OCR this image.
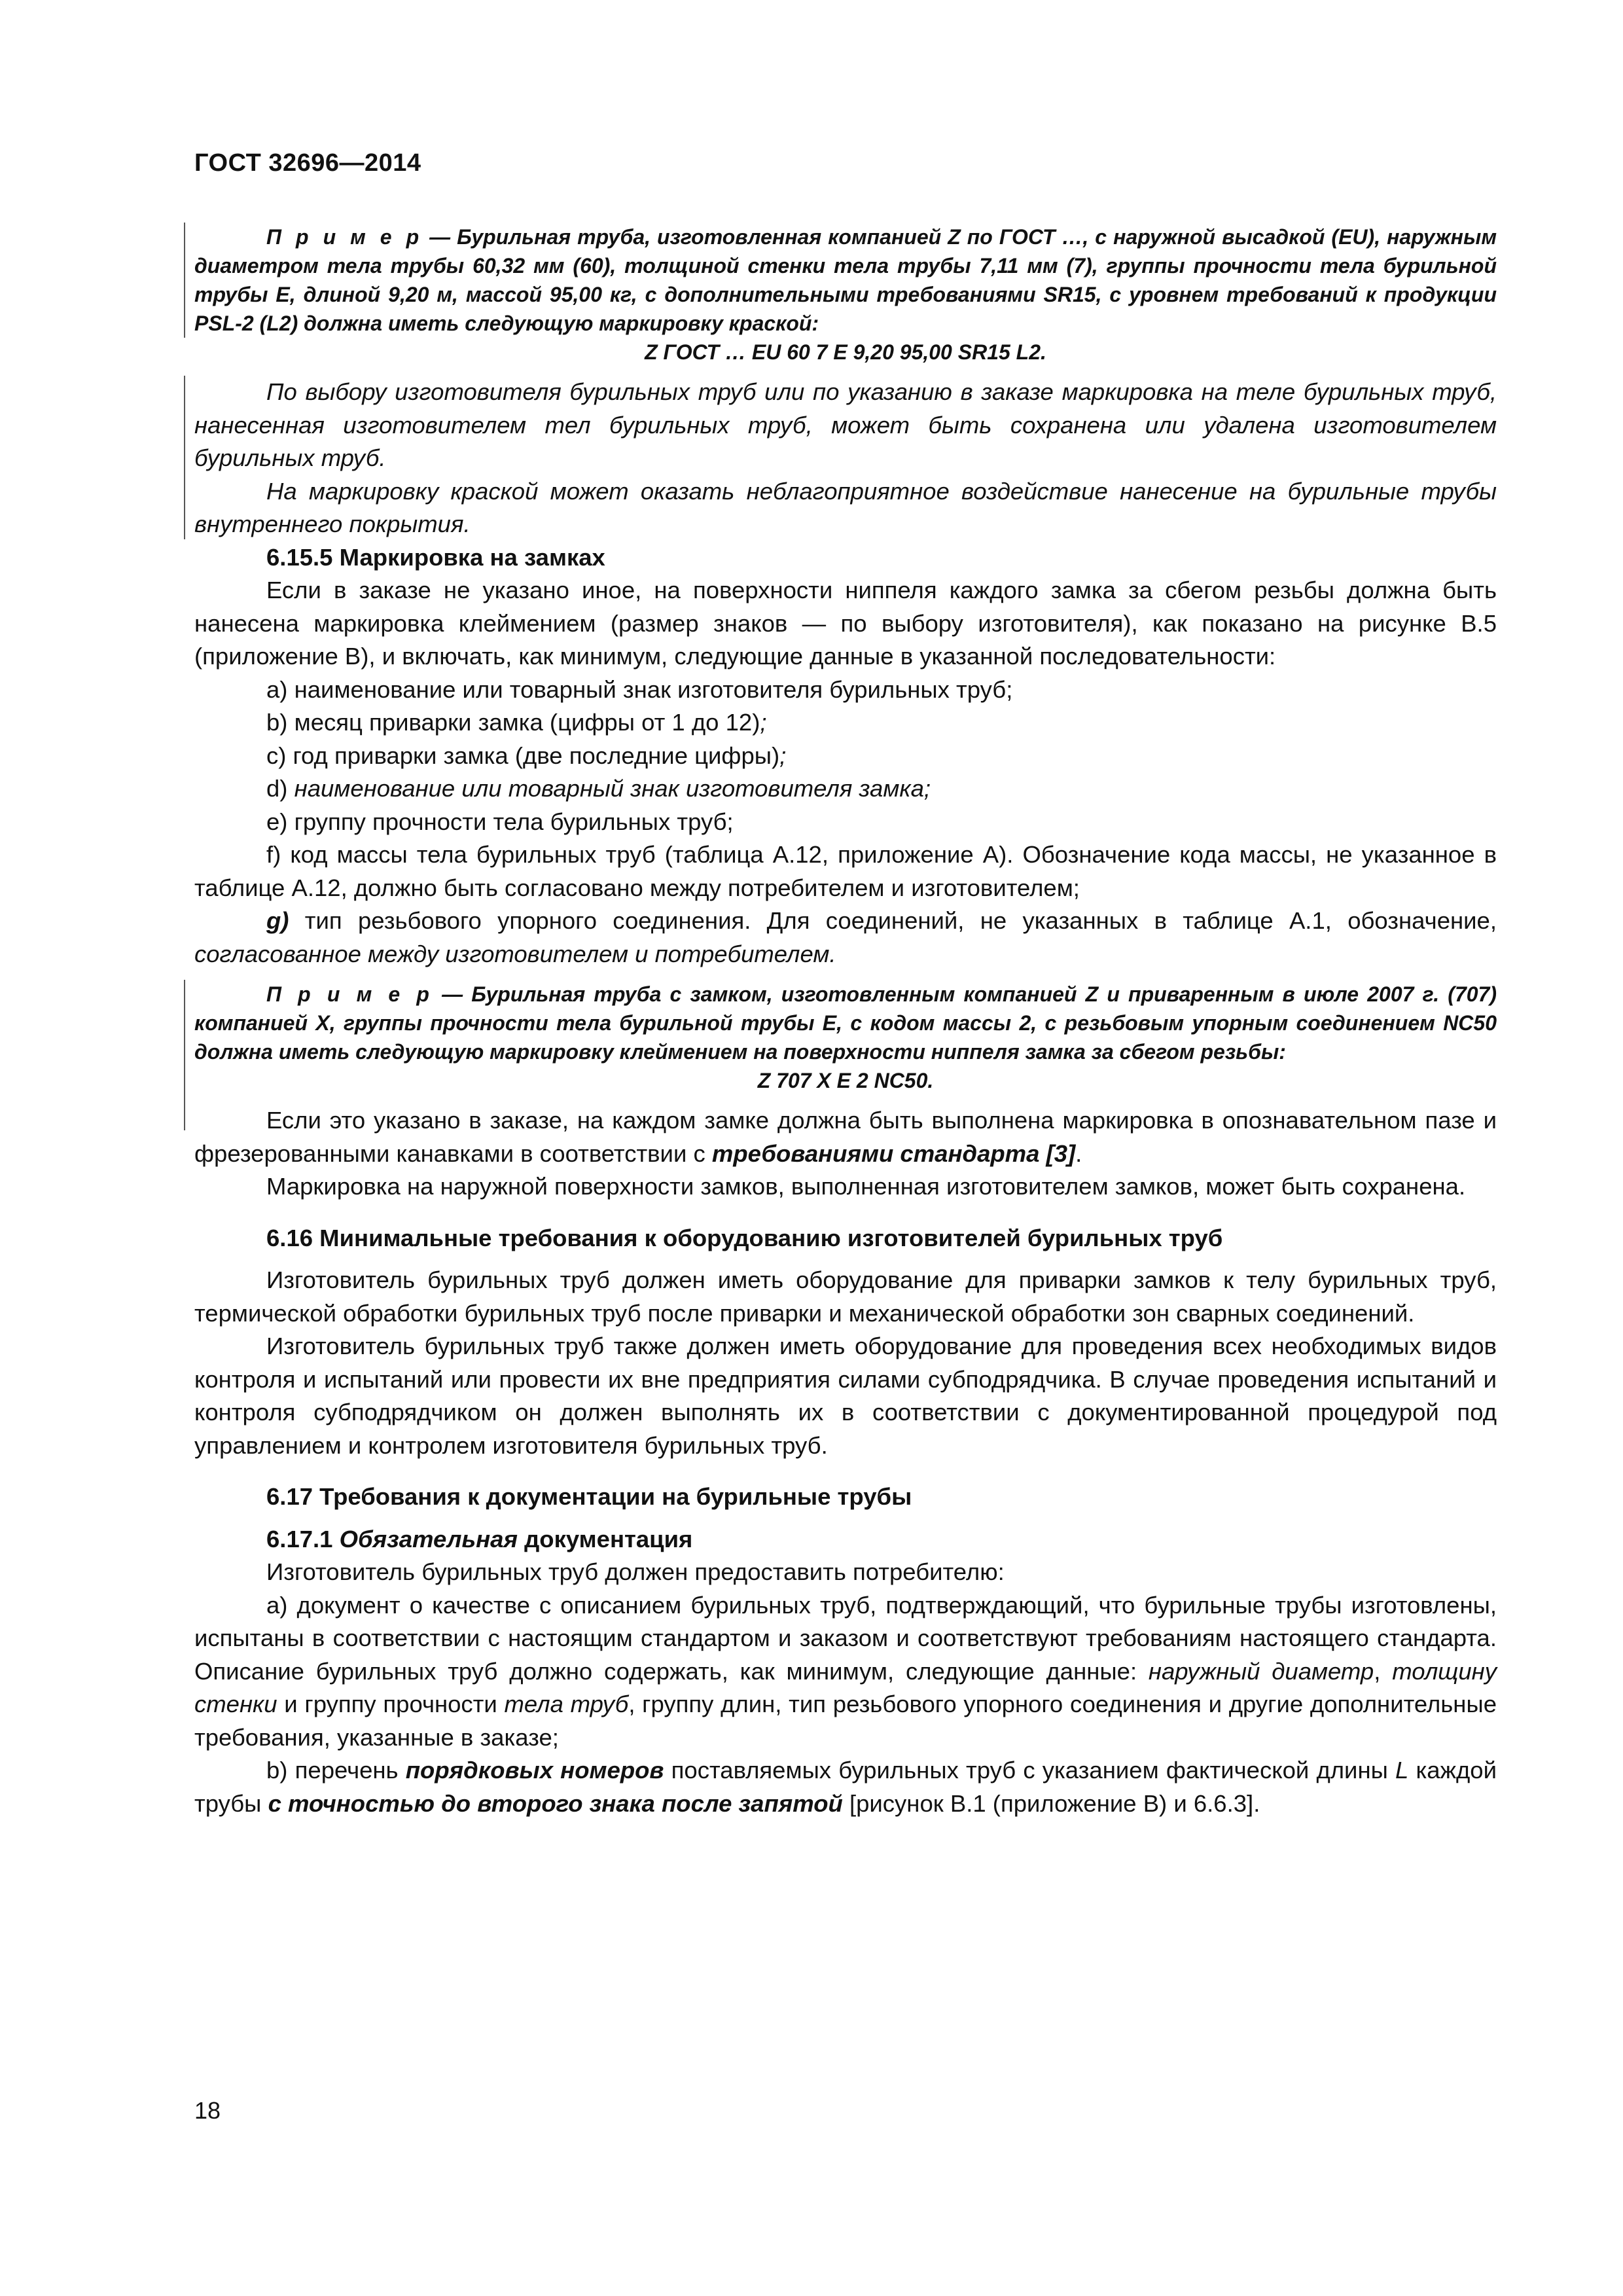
ГОСТ 32696—2014

П р и м е р — Бурильная труба, изготовленная компанией Z по ГОСТ …, с наружной высадкой (EU), наружным диаметром тела трубы 60,32 мм (60), толщиной стенки тела трубы 7,11 мм (7), группы прочности тела бурильной трубы E, длиной 9,20 м, массой 95,00 кг, с дополнительными требованиями SR15, с уровнем требований к продукции PSL-2 (L2) должна иметь следующую маркировку краской:

Z ГОСТ … EU 60 7 E 9,20 95,00 SR15 L2.

По выбору изготовителя бурильных труб или по указанию в заказе маркировка на теле бурильных труб, нанесенная изготовителем тел бурильных труб, может быть сохранена или удалена изготовителем бурильных труб.

На маркировку краской может оказать неблагоприятное воздействие нанесение на бурильные трубы внутреннего покрытия.

6.15.5 Маркировка на замках

Если в заказе не указано иное, на поверхности ниппеля каждого замка за сбегом резьбы должна быть нанесена маркировка клеймением (размер знаков — по выбору изготовителя), как показано на рисунке В.5 (приложение В), и включать, как минимум, следующие данные в указанной последовательности:

а) наименование или товарный знак изготовителя бурильных труб;

b) месяц приварки замка (цифры от 1 до 12);

с) год приварки замка (две последние цифры);

d) наименование или товарный знак изготовителя замка;

е) группу прочности тела бурильных труб;

f) код массы тела бурильных труб (таблица А.12, приложение А). Обозначение кода массы, не указанное в таблице А.12, должно быть согласовано между потребителем и изготовителем;

g) тип резьбового упорного соединения. Для соединений, не указанных в таблице А.1, обозначение, согласованное между изготовителем и потребителем.

П р и м е р — Бурильная труба с замком, изготовленным компанией Z и приваренным в июле 2007 г. (707) компанией X, группы прочности тела бурильной трубы E, с кодом массы 2, с резьбовым упорным соединением NC50 должна иметь следующую маркировку клеймением на поверхности ниппеля замка за сбегом резьбы:

Z 707 X E 2 NC50.

Если это указано в заказе, на каждом замке должна быть выполнена маркировка в опознавательном пазе и фрезерованными канавками в соответствии с требованиями стандарта [3].

Маркировка на наружной поверхности замков, выполненная изготовителем замков, может быть сохранена.

6.16 Минимальные требования к оборудованию изготовителей бурильных труб

Изготовитель бурильных труб должен иметь оборудование для приварки замков к телу бурильных труб, термической обработки бурильных труб после приварки и механической обработки зон сварных соединений.

Изготовитель бурильных труб также должен иметь оборудование для проведения всех необходимых видов контроля и испытаний или провести их вне предприятия силами субподрядчика. В случае проведения испытаний и контроля субподрядчиком он должен выполнять их в соответствии с документированной процедурой под управлением и контролем изготовителя бурильных труб.

6.17 Требования к документации на бурильные трубы

6.17.1 Обязательная документация

Изготовитель бурильных труб должен предоставить потребителю:

а) документ о качестве с описанием бурильных труб, подтверждающий, что бурильные трубы изготовлены, испытаны в соответствии с настоящим стандартом и заказом и соответствуют требованиям настоящего стандарта. Описание бурильных труб должно содержать, как минимум, следующие данные: наружный диаметр, толщину стенки и группу прочности тела труб, группу длин, тип резьбового упорного соединения и другие дополнительные требования, указанные в заказе;

b) перечень порядковых номеров поставляемых бурильных труб с указанием фактической длины L каждой трубы с точностью до второго знака после запятой [рисунок В.1 (приложение В) и 6.6.3].

18
